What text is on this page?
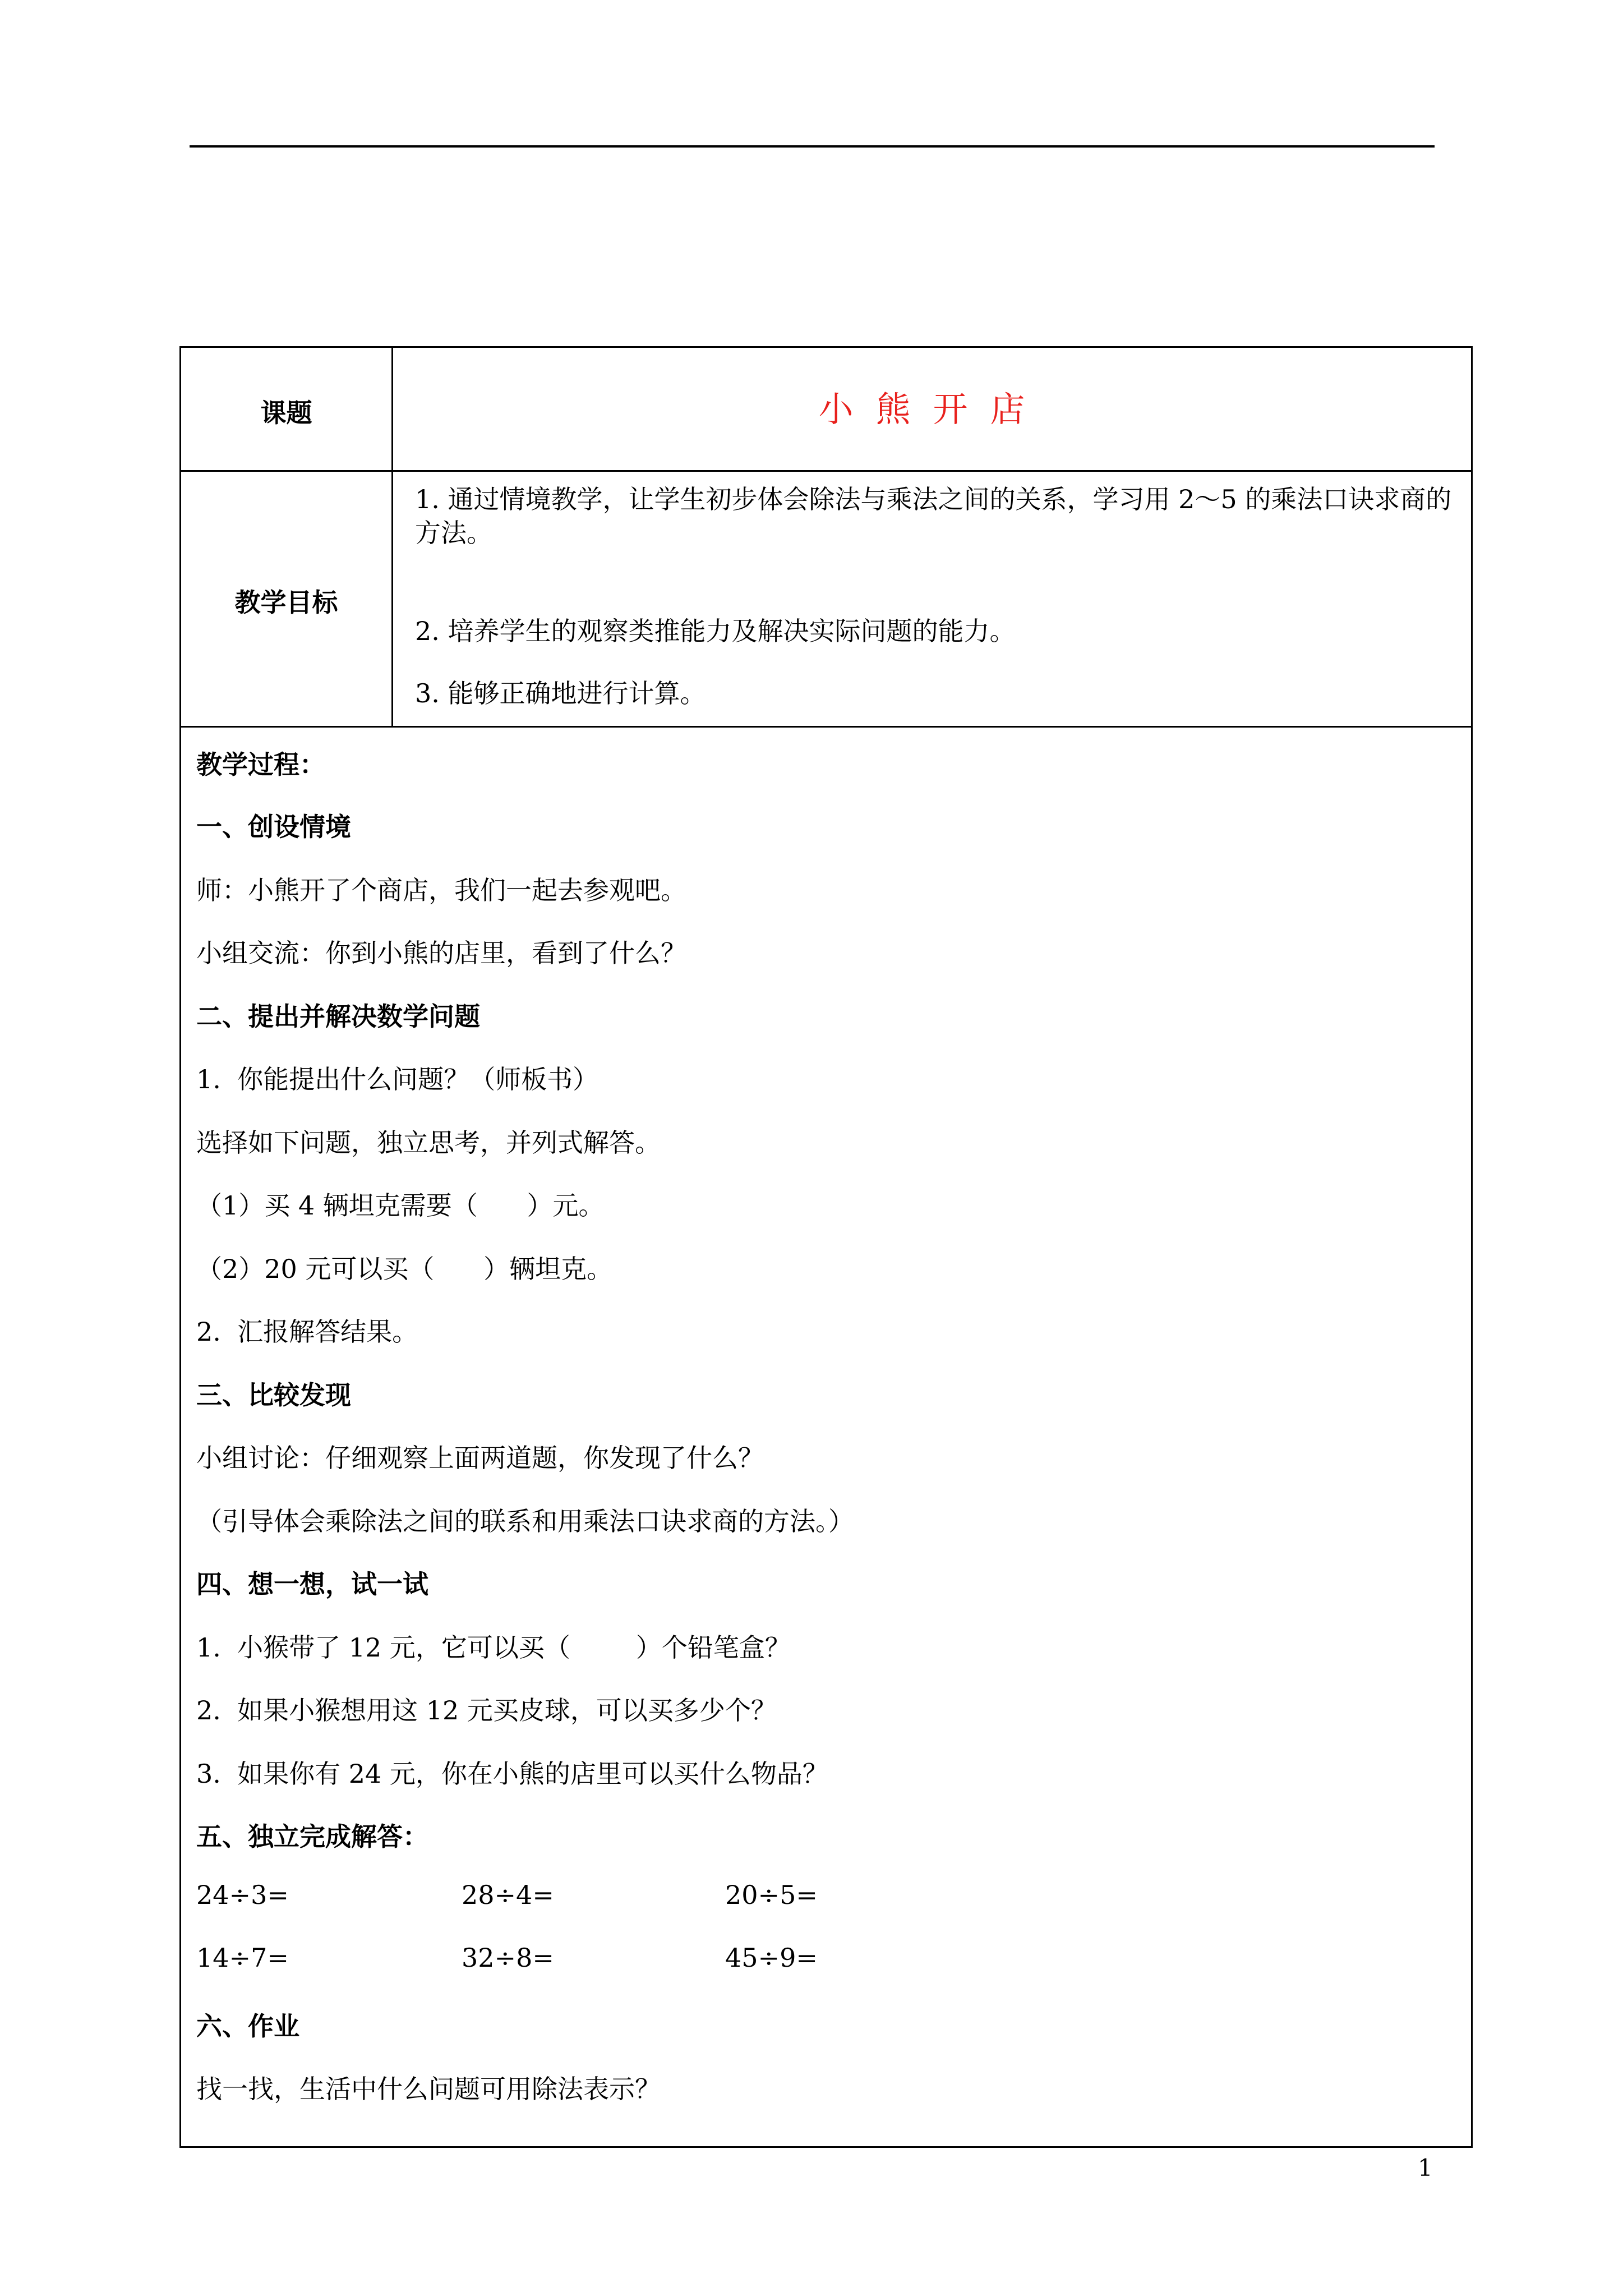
课题	小熊开店
教学目标
1. 通过情境教学，让学生初步体会除法与乘法之间的关系，学习用 2～5 的乘法口诀求商的方法。
2. 培养学生的观察类推能力及解决实际问题的能力。
3. 能够正确地进行计算。
教学过程：
一、创设情境
师：小熊开了个商店，我们一起去参观吧。
小组交流：你到小熊的店里，看到了什么？
二、提出并解决数学问题
1.  你能提出什么问题？（师板书）
选择如下问题，独立思考，并列式解答。
（1）买 4 辆坦克需要（      ）元。
（2）20 元可以买（      ）辆坦克。
2.  汇报解答结果。
三、比较发现
小组讨论：仔细观察上面两道题，你发现了什么？
（引导体会乘除法之间的联系和用乘法口诀求商的方法。）
四、想一想，试一试
1.  小猴带了 12 元，它可以买（        ）个铅笔盒？
2.  如果小猴想用这 12 元买皮球，可以买多少个？
3.  如果你有 24 元，你在小熊的店里可以买什么物品？
五、独立完成解答：
24÷3=	28÷4=	20÷5=
14÷7=	32÷8=	45÷9=
六、作业
找一找，生活中什么问题可用除法表示？
1
